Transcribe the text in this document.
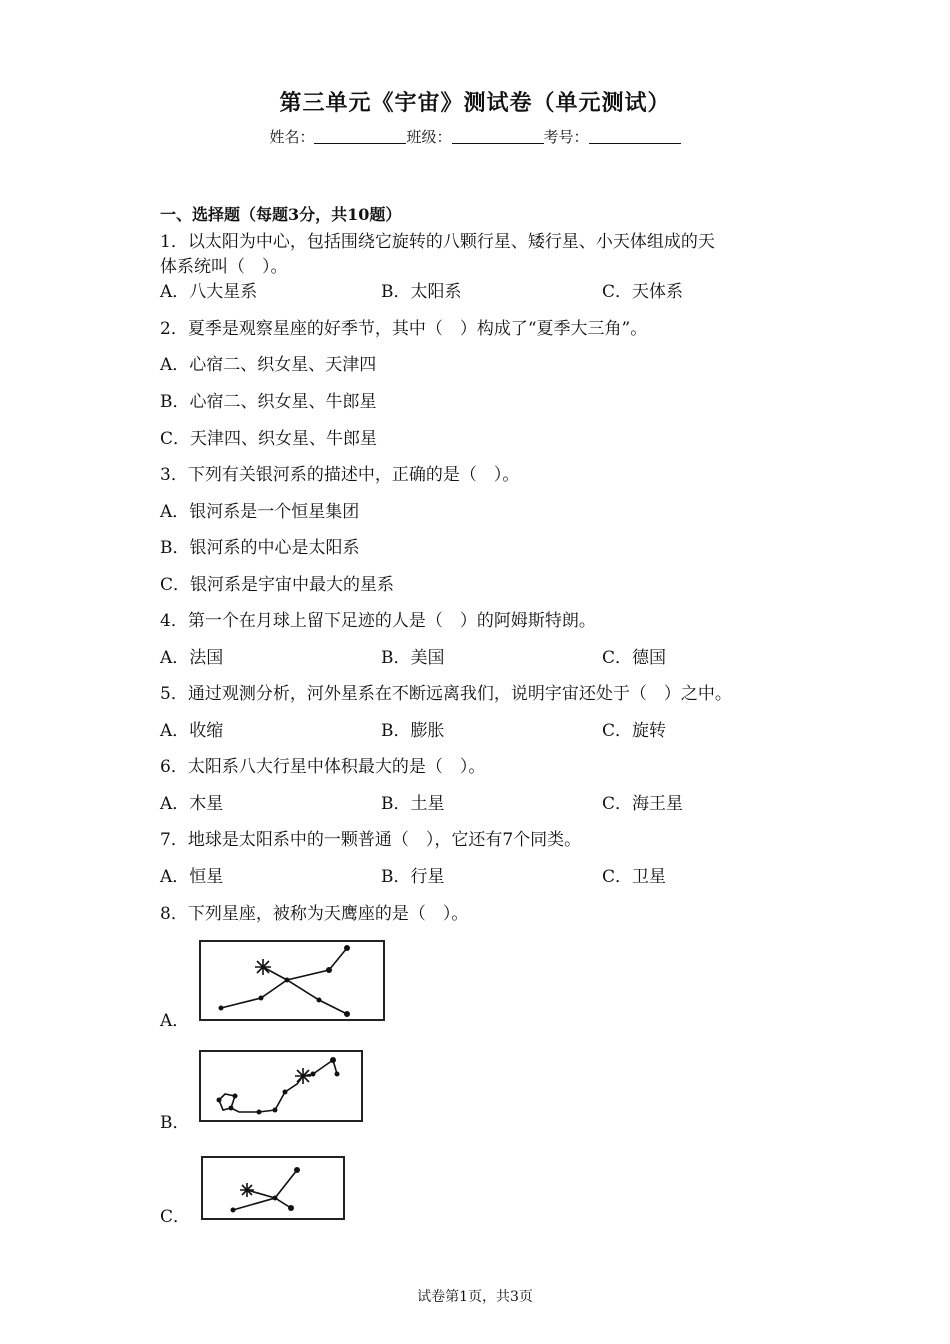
第三单元《宇宙》测试卷（单元测试）
姓名：	班级：	考号：
一、选择题（每题3分，共10题）
1．以太阳为中心，包括围绕它旋转的八颗行星、矮行星、小天体组成的天
体系统叫（　）。
A．八大星系	B．太阳系	C．天体系
2．夏季是观察星座的好季节，其中（　）构成了“夏季大三角”。
A．心宿二、织女星、天津四
B．心宿二、织女星、牛郎星
C．天津四、织女星、牛郎星
3．下列有关银河系的描述中，正确的是（　）。
A．银河系是一个恒星集团
B．银河系的中心是太阳系
C．银河系是宇宙中最大的星系
4．第一个在月球上留下足迹的人是（　）的阿姆斯特朗。
A．法国	B．美国	C．德国
5．通过观测分析，河外星系在不断远离我们，说明宇宙还处于（　）之中。
A．收缩	B．膨胀	C．旋转
6．太阳系八大行星中体积最大的是（　）。
A．木星	B．土星	C．海王星
7．地球是太阳系中的一颗普通（　），它还有7个同类。
A．恒星	B．行星	C．卫星
8．下列星座，被称为天鹰座的是（　）。
A．
B．
C．
试卷第1页，共3页
